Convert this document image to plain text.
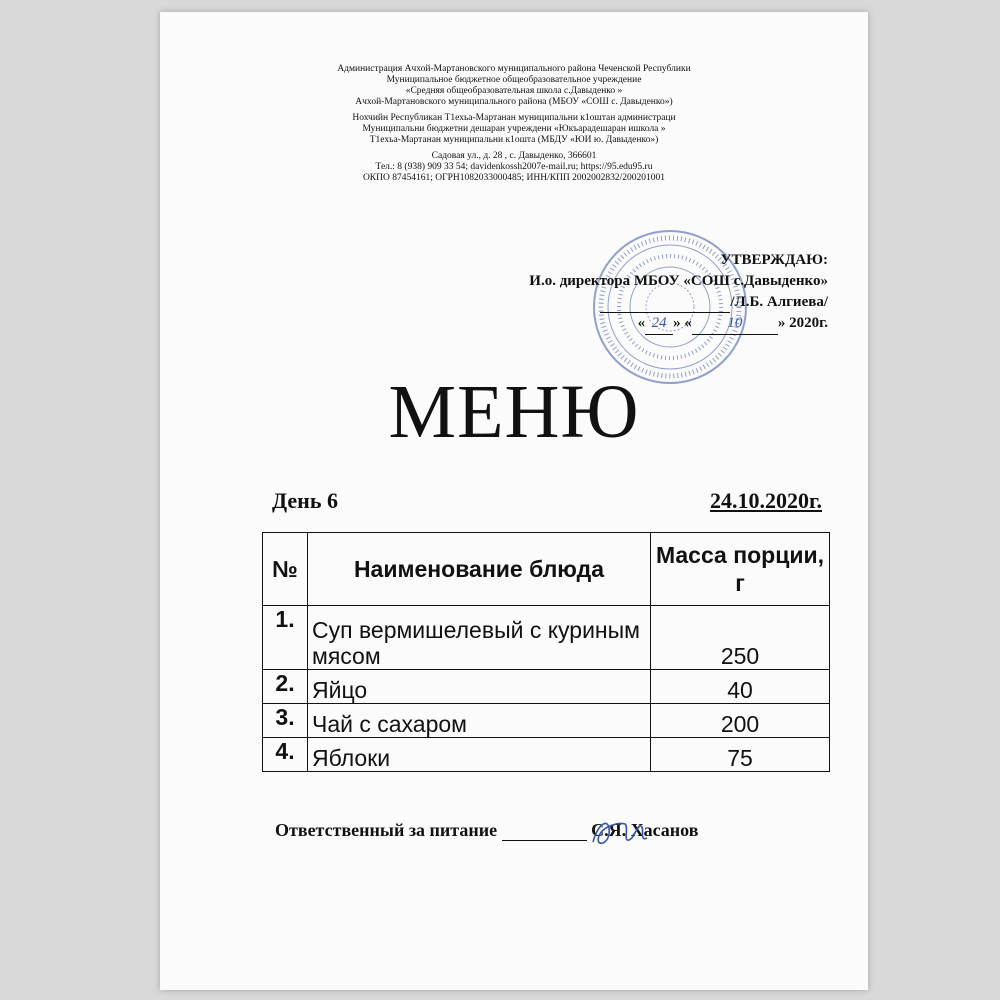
Администрация Ачхой-Мартановского муниципального района Чеченской Республики
Муниципальное бюджетное общеобразовательное учреждение
«Средняя общеобразовательная школа с.Давыденко »
Ачхой-Мартановского муниципального района (МБОУ «СОШ с. Давыденко»)
Нохчийн Республикан Т1ехьа-Мартанан муниципальни к1оштан администраци
Муниципальни бюджетни дешаран учреждени «Юкъарадешаран ишкола »
Т1ехьа-Мартанан муниципальни к1ошта (МБДУ «ЮИ ю. Давыденко»)
Садовая ул., д. 28 , с. Давыденко, 366601
Тел.: 8 (938) 909 33 54; davidenkossh2007e-mail.ru; https://95.edu95.ru
ОКПО 87454161; ОГРН1082033000485; ИНН/КПП 2002002832/200201001
УТВЕРЖДАЮ:
И.о. директора МБОУ «СОШ с.Давыденко»
/Л.Б. Алгиева/
« 24 » « 10 » 2020г.
МЕНЮ
День 6	24.10.2020г.
№	Наименование блюда	Масса порции, г
1.	Суп вермишелевый с куриным мясом	250
2.	Яйцо	40
3.	Чай с сахаром	200
4.	Яблоки	75
Ответственный за питание	С.Я. Хасанов
